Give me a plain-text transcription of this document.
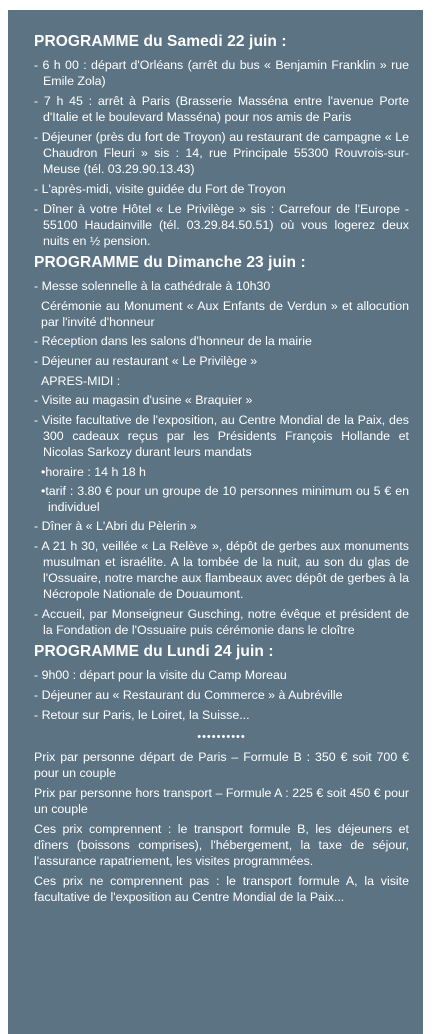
PROGRAMME du Samedi 22 juin :
- 6 h 00 : départ d'Orléans (arrêt du bus « Benjamin Franklin » rue Emile Zola)
- 7 h 45 : arrêt à Paris (Brasserie Masséna entre l'avenue Porte d'Italie et le boulevard Masséna) pour nos amis de Paris
- Déjeuner (près du fort de Troyon) au restaurant de campagne « Le Chaudron Fleuri » sis : 14, rue Principale 55300 Rouvrois-sur-Meuse (tél. 03.29.90.13.43)
- L'après-midi, visite guidée du Fort de Troyon
- Dîner à votre Hôtel « Le Privilège » sis : Carrefour de l'Europe - 55100 Haudainville (tél. 03.29.84.50.51) où vous logerez deux nuits en ½ pension.
PROGRAMME du Dimanche 23 juin :
- Messe solennelle à la cathédrale à 10h30
Cérémonie au Monument « Aux Enfants de Verdun » et allocution par l'invité d'honneur
- Réception dans les salons d'honneur de la mairie
- Déjeuner au restaurant « Le Privilège »
APRES-MIDI :
- Visite au magasin d'usine « Braquier »
- Visite facultative de l'exposition, au Centre Mondial de la Paix, des 300 cadeaux reçus par les Présidents François Hollande et Nicolas Sarkozy durant leurs mandats
• horaire : 14 h 18 h
• tarif : 3.80 € pour un groupe de 10 personnes minimum ou 5 € en individuel
- Dîner à « L'Abri du Pèlerin »
- A 21 h 30, veillée « La Relève », dépôt de gerbes aux monuments musulman et israélite. A la tombée de la nuit, au son du glas de l'Ossuaire, notre marche aux flambeaux avec dépôt de gerbes à la Nécropole Nationale de Douaumont.
- Accueil, par Monseigneur Gusching, notre évêque et président de la Fondation de l'Ossuaire puis cérémonie dans le cloître
PROGRAMME du Lundi 24 juin :
- 9h00 : départ pour la visite du Camp Moreau
- Déjeuner au « Restaurant du Commerce » à Aubréville
- Retour sur Paris, le Loiret, la Suisse...
••••••••••

Prix par personne départ de Paris – Formule B : 350 € soit 700 € pour un couple

Prix par personne hors transport – Formule A : 225 € soit 450 € pour un couple

Ces prix comprennent : le transport formule B, les déjeuners et dîners (boissons comprises), l'hébergement, la taxe de séjour, l'assurance rapatriement, les visites programmées.

Ces prix ne comprennent pas : le transport formule A, la visite facultative de l'exposition au Centre Mondial de la Paix...
